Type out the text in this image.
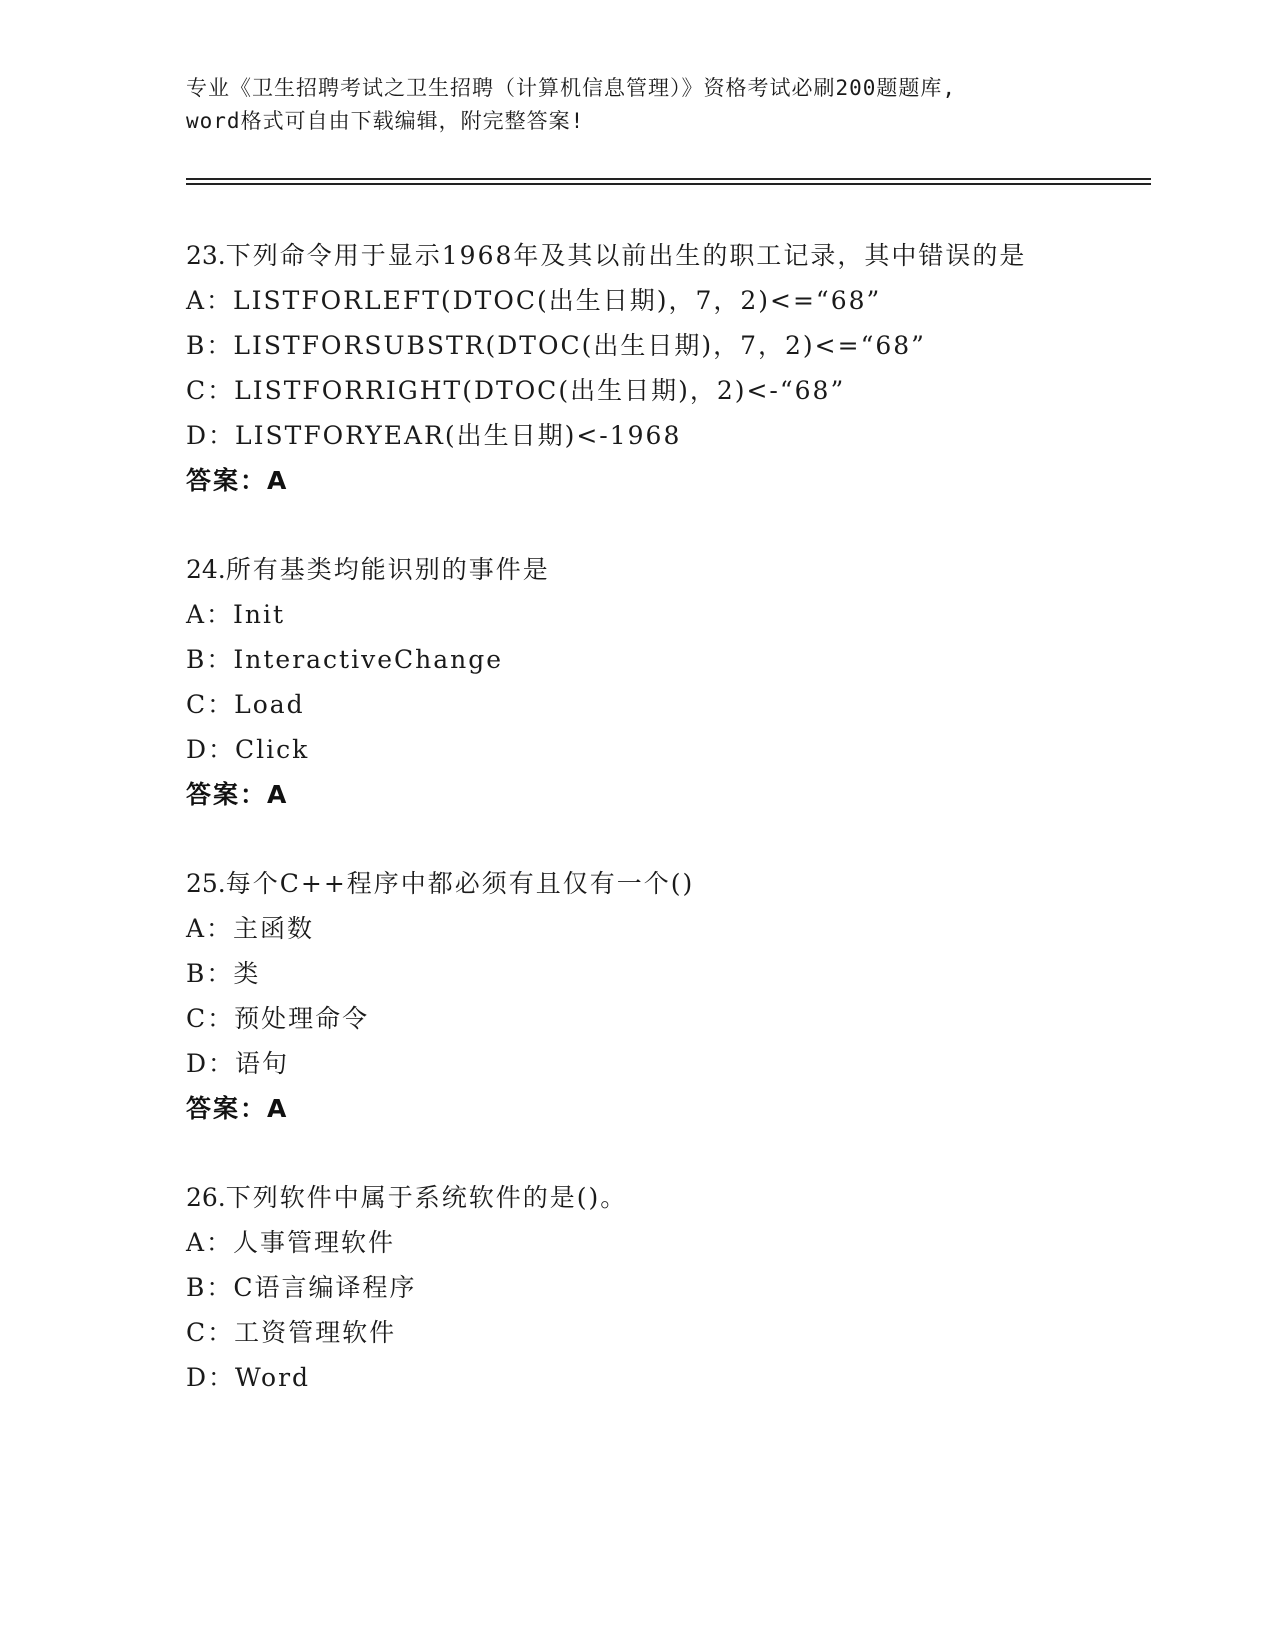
专业《卫生招聘考试之卫生招聘（计算机信息管理）》资格考试必刷200题题库,
word格式可自由下载编辑，附完整答案!
23.下列命令用于显示1968年及其以前出生的职工记录，其中错误的是
A：LISTFORLEFT(DTOC(出生日期)，7，2)<=“68”
B：LISTFORSUBSTR(DTOC(出生日期)，7，2)<=“68”
C：LISTFORRIGHT(DTOC(出生日期)，2)<-“68”
D：LISTFORYEAR(出生日期)<-1968
答案：A
24.所有基类均能识别的事件是
A：Init
B：InteractiveChange
C：Load
D：Click
答案：A
25.每个C++程序中都必须有且仅有一个()
A：主函数
B：类
C：预处理命令
D：语句
答案：A
26.下列软件中属于系统软件的是()。
A：人事管理软件
B：C语言编译程序
C：工资管理软件
D：Word
